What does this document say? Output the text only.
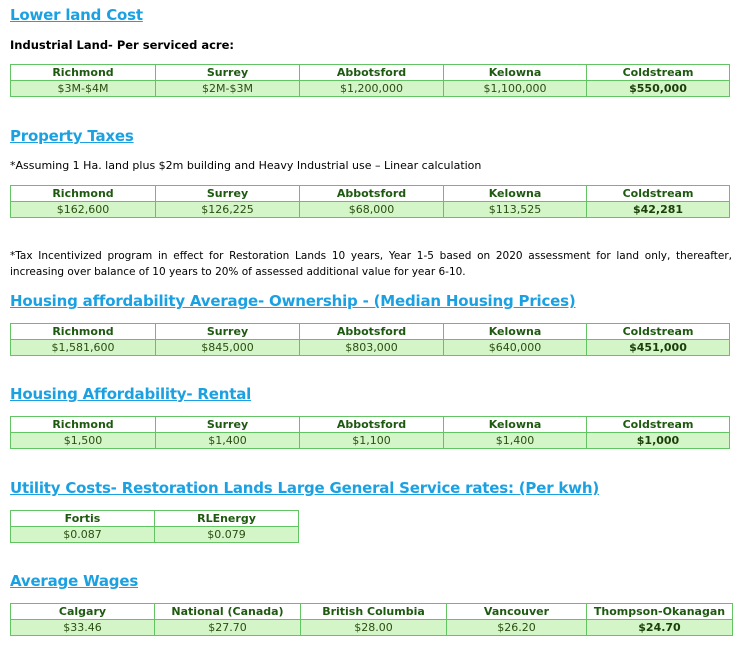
Lower land Cost
Industrial Land- Per serviced acre:
Richmond	Surrey	Abbotsford	Kelowna	Coldstream
$3M-$4M	$2M-$3M	$1,200,000	$1,100,000	$550,000
Property Taxes
*Assuming 1 Ha. land plus $2m building and Heavy Industrial use – Linear calculation
Richmond	Surrey	Abbotsford	Kelowna	Coldstream
$162,600	$126,225	$68,000	$113,525	$42,281
*Tax Incentivized program in effect for Restoration Lands 10 years, Year 1-5 based on 2020 assessment for land only, thereafter, increasing over balance of 10 years to 20% of assessed additional value for year 6-10.
Housing affordability Average- Ownership - (Median Housing Prices)
Richmond	Surrey	Abbotsford	Kelowna	Coldstream
$1,581,600	$845,000	$803,000	$640,000	$451,000
Housing Affordability- Rental
Richmond	Surrey	Abbotsford	Kelowna	Coldstream
$1,500	$1,400	$1,100	$1,400	$1,000
Utility Costs- Restoration Lands Large General Service rates: (Per kwh)
Fortis	RLEnergy
$0.087	$0.079
Average Wages
Calgary	National (Canada)	British Columbia	Vancouver	Thompson-Okanagan
$33.46	$27.70	$28.00	$26.20	$24.70
